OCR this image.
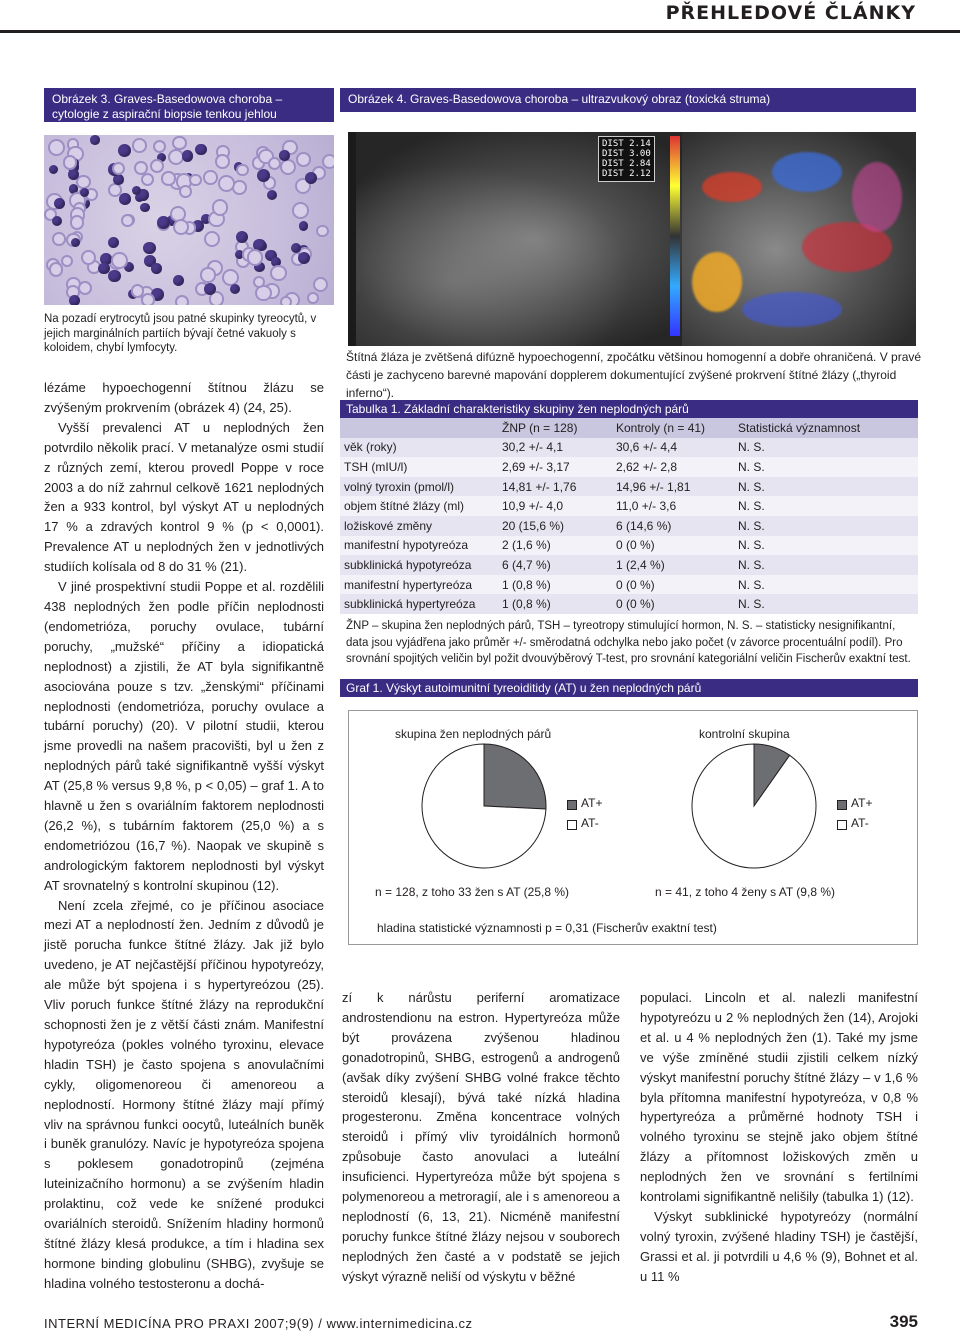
PŘEHLEDOVÉ ČLÁNKY
Obrázek 3. Graves-Basedowova choroba –
cytologie z aspirační biopsie tenkou jehlou
Na pozadí erytrocytů jsou patné skupinky tyreocytů, v jejich marginálních partiích bývají četné vakuoly s koloidem, chybí lymfocyty.
Obrázek 4. Graves-Basedowova choroba – ultrazvukový obraz (toxická struma)
DIST 2.14
DIST 3.00
DIST 2.84
DIST 2.12
Štítná žláza je zvětšená difúzně hypoechogenní, zpočátku většinou homogenní a dobře ohraničená. V pravé části je zachyceno barevné mapování dopplerem dokumentující zvýšené prokrvení štítné žlázy („thyroid inferno“).

lézáme hypoechogenní štítnou žlázu se zvýšeným prokrvením (obrázek 4) (24, 25).

Vyšší prevalenci AT u neplodných žen potvrdilo několik prací. V metanalýze osmi studií z různých zemí, kterou provedl Poppe v roce 2003 a do níž zahrnul celkově 1621 neplodných žen a 933 kontrol, byl výskyt AT u neplodných 17 % a zdravých kontrol 9 % (p < 0,0001). Prevalence AT u neplodných žen v jednotlivých studiích kolísala od 8 do 31 % (21).

V jiné prospektivní studii Poppe et al. rozdělili 438 neplodných žen podle příčin neplodnosti (endometrióza, poruchy ovulace, tubární poruchy, „mužské“ příčiny a idiopatická neplodnost) a zjistili, že AT byla signifikantně asociována pouze s tzv. „ženskými“ příčinami neplodnosti (endometrióza, poruchy ovulace a tubární poruchy) (20). V pilotní studii, kterou jsme provedli na našem pracovišti, byl u žen z neplodných párů také signifikantně vyšší výskyt AT (25,8 % versus 9,8 %, p < 0,05) – graf 1. A to hlavně u žen s ovariálním faktorem neplodnosti (26,2 %), s tubárním faktorem (25,0 %) a s endometriózou (16,7 %). Naopak ve skupině s andrologickým faktorem neplodnosti byl výskyt AT srovnatelný s kontrolní skupinou (12).

Není zcela zřejmé, co je příčinou asociace mezi AT a neplodností žen. Jedním z důvodů je jistě porucha funkce štítné žlázy. Jak již bylo uvedeno, je AT nejčastější příčinou hypotyreózy, ale může být spojena i s hypertyreózou (25). Vliv poruch funkce štítné žlázy na reprodukční schopnosti žen je z větší části znám. Manifestní hypotyreóza (pokles volného tyroxinu, elevace hladin TSH) je často spojena s anovulačními cykly, oligomenoreou či amenoreou a neplodností. Hormony štítné žlázy mají přímý vliv na správnou funkci oocytů, luteálních buněk i buněk granulózy. Navíc je hypotyreóza spojena s poklesem gonadotropinů (zejména luteinizačního hormonu) a se zvýšením hladin prolaktinu, což vede ke snížené produkci ovariálních steroidů. Snížením hladiny hormonů štítné žlázy klesá produkce, a tím i hladina sex hormone binding globulinu (SHBG), zvyšuje se hladina volného testosteronu a dochá-

Tabulka 1. Základní charakteristiky skupiny žen neplodných párů
	ŽNP (n = 128)	Kontroly (n = 41)	Statistická významnost
věk (roky)	30,2 +/- 4,1	30,6 +/- 4,4	N. S.
TSH (mIU/l)	2,69 +/- 3,17	2,62 +/- 2,8	N. S.
volný tyroxin (pmol/l)	14,81 +/- 1,76	14,96 +/- 1,81	N. S.
objem štítné žlázy (ml)	10,9 +/- 4,0	11,0 +/- 3,6	N. S.
ložiskové změny	20 (15,6 %)	6 (14,6 %)	N. S.
manifestní hypotyreóza	2 (1,6 %)	0 (0 %)	N. S.
subklinická hypotyreóza	6 (4,7 %)	1 (2,4 %)	N. S.
manifestní hypertyreóza	1 (0,8 %)	0 (0 %)	N. S.
subklinická hypertyreóza	1 (0,8 %)	0 (0 %)	N. S.
ŽNP – skupina žen neplodných párů, TSH – tyreotropy stimulující hormon, N. S. – statisticky nesignifikantní, data jsou vyjádřena jako průměr +/- směrodatná odchylka nebo jako počet (v závorce procentuální podíl). Pro srovnání spojitých veličin byl požit dvouvýběrový T-test, pro srovnání kategoriální veličin Fischerův exaktní test.
Graf 1. Výskyt autoimunitní tyreoiditidy (AT) u žen neplodných párů
skupina žen neplodných párů	kontrolní skupina
AT+
AT-
AT+
AT-
n = 128, z toho 33 žen s AT (25,8 %)	n = 41, z toho 4 ženy s AT (9,8 %)
hladina statistické významnosti p = 0,31 (Fischerův exaktní test)

zí k nárůstu periferní aromatizace androstendionu na estron. Hypertyreóza může být provázena zvýšenou hladinou gonadotropinů, SHBG, estrogenů a androgenů (avšak díky zvýšení SHBG volné frakce těchto steroidů klesají), bývá také nízká hladina progesteronu. Změna koncentrace volných steroidů i přímý vliv tyroidálních hormonů způsobuje často anovulaci a luteální insuficienci. Hypertyreóza může být spojena s polymenoreou a metroragií, ale i s amenoreou a neplodností (6, 13, 21). Nicméně manifestní poruchy funkce štítné žlázy nejsou v souborech neplodných žen časté a v podstatě se jejich výskyt výrazně neliší od výskytu v běžné

populaci. Lincoln et al. nalezli manifestní hypotyreózu u 2 % neplodných žen (14), Arojoki et al. u 4 % neplodných žen (1). Také my jsme ve výše zmíněné studii zjistili celkem nízký výskyt manifestní poruchy štítné žlázy – v 1,6 % byla přítomna manifestní hypotyreóza, v 0,8 % hypertyreóza a průměrné hodnoty TSH i volného tyroxinu se stejně jako objem štítné žlázy a přítomnost ložiskových změn u neplodných žen ve srovnání s fertilními kontrolami signifikantně nelišily (tabulka 1) (12).

Výskyt subklinické hypotyreózy (normální volný tyroxin, zvýšené hladiny TSH) je častější, Grassi et al. ji potvrdili u 4,6 % (9), Bohnet et al. u 11 %

INTERNÍ MEDICÍNA PRO PRAXI 2007;9(9) / www.internimedicina.cz	395
